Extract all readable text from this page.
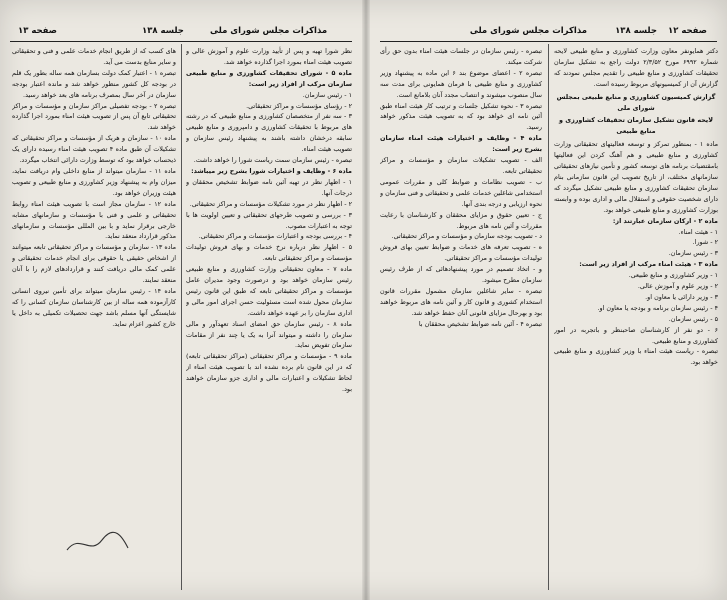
صفحه ۱۳	جلسه ۱۳۸	مذاکرات مجلس شورای ملی

نظر شورا تهیه و پس از تأیید وزارت علوم و آموزش عالی و تصویب هیئت امناء بمورد اجرا گذارده خواهد شد.

ماده ۵ - شورای تحقیقات کشاورزی و منابع طبیعی سازمان مرکب از افراد زیر است:

۱ - رئیس سازمان.

۲ - رؤسای مؤسسات و مراکز تحقیقاتی.

۳ - سه نفر از متخصصان کشاورزی و منابع طبیعی که در رشته های مربوط با تحقیقات کشاورزی و دامپروری و منابع طبیعی سابقه درخشان داشته باشند به پیشنهاد رئیس سازمان و تصویب هیئت امناء.

تبصره - رئیس سازمان سمت ریاست شورا را خواهد داشت.

ماده ۶ - وظایف و اختیارات شورا بشرح زیر میباشد:

۱ - اظهار نظر در تهیه آئین نامه ضوابط تشخیص محققان و درجات آنها.

۲ - اظهار نظر در مورد تشکیلات مؤسسات و مراکز تحقیقاتی.

۳ - بررسی و تصویب طرحهای تحقیقاتی و تعیین اولویت ها با توجه به اعتبارات مصوب.

۴ - بررسی بودجه و اعتبارات مؤسسات و مراکز تحقیقاتی.

۵ - اظهار نظر درباره نرخ خدمات و بهای فروش تولیدات مؤسسات و مراکز تحقیقاتی تابعه.

ماده ۷ - معاون تحقیقاتی وزارت کشاورزی و منابع طبیعی رئیس سازمان خواهد بود و درصورت وجود مدیران عامل مؤسسات و مراکز تحقیقاتی تابعه که طبق این قانون رئیس سازمان محول شده است مسئولیت حسن اجرای امور مالی و اداری سازمان را بر عهده خواهد داشت.

ماده ۸ - رئیس سازمان حق امضای اسناد تعهدآور و مالی سازمان را داشته و میتواند آنرا به یک یا چند نفر از مقامات سازمان تفویض نماید.

ماده ۹ - مؤسسات و مراکز تحقیقاتی (مراکز تحقیقاتی تابعه) که در این قانون نام برده نشده اند با تصویب هیئت امناء از لحاظ تشکیلات و اعتبارات مالی و اداری جزو سازمان خواهند بود.

های کسب که از طریق انجام خدمات علمی و فنی و تحقیقاتی و سایر منابع بدست می آید.

تبصره ۱ - اعتبار کمک دولت بسازمان همه ساله بطور یک قلم در بودجه کل کشور منظور خواهد شد و مانده اعتبار بودجه سازمان در آخر سال بمصرف برنامه های بعد خواهد رسید.

تبصره ۲ - بودجه تفصیلی مراکز سازمان و مؤسسات و مراکز تحقیقاتی تابع آن پس از تصویب هیئت امناء بمورد اجرا گذارده خواهد شد.

ماده ۱۰ - سازمان و هریک از مؤسسات و مراکز تحقیقاتی که تشکیلات آن طبق ماده ۴ تصویب هیئت امناء رسیده دارای یک ذیحساب خواهد بود که توسط وزارت دارائی انتخاب میگردد.

ماده ۱۱ - سازمان میتواند از منابع داخلی وام دریافت نماید، میزان وام به پیشنهاد وزیر کشاورزی و منابع طبیعی و تصویب هیئت وزیران خواهد بود.

ماده ۱۲ - سازمان مجاز است با تصویب هیئت امناء روابط تحقیقاتی و علمی و فنی با مؤسسات و سازمانهای مشابه خارجی برقرار نماید و با بین المللی مؤسسات و سازمانهای مذکور قرارداد منعقد نماید.

ماده ۱۳ - سازمان و مؤسسات و مراکز تحقیقاتی تابعه میتوانند از اشخاص حقیقی یا حقوقی برای انجام خدمات تحقیقاتی و علمی کمک مالی دریافت کنند و قراردادهای لازم را با آنان منعقد نمایند.

ماده ۱۴ - رئیس سازمان میتواند برای تأمین نیروی انسانی کارآزموده همه ساله از بین کارشناسان سازمان کسانی را که شایستگی آنها مسلم باشد جهت تحصیلات تکمیلی به داخل یا خارج کشور اعزام نماید.

صفحه ۱۲
مذاکرات مجلس شورای ملی	جلسه ۱۳۸

دکتر همایونفر معاون وزارت کشاورزی و منابع طبیعی لایحه شماره ۶۹۹۲ مورخ ۲/۳/۵۲ دولت راجع به تشکیل سازمان تحقیقات کشاورزی و منابع طبیعی را تقدیم مجلس نمودند که گزارش آن از کمیسیونهای مربوط رسیده است.

گزارش کمیسیون کشاورزی و منابع طبیعی بمجلس شورای ملی

لایحه قانون تشکیل سازمان تحقیقات کشاورزی و منابع طبیعی

ماده ۱ - بمنظور تمرکز و توسعه فعالیتهای تحقیقاتی وزارت کشاورزی و منابع طبیعی و هم آهنگ کردن این فعالیتها بامقتضیات برنامه های توسعه کشور و تأمین نیازهای تحقیقاتی سازمانهای مختلف، از تاریخ تصویب این قانون سازمانی بنام سازمان تحقیقات کشاورزی و منابع طبیعی تشکیل میگردد که دارای شخصیت حقوقی و استقلال مالی و اداری بوده و وابسته بوزارت کشاورزی و منابع طبیعی خواهد بود.

ماده ۲ - ارکان سازمان عبارتند از:

۱ - هیئت امناء.

۲ - شورا.

۳ - رئیس سازمان.

ماده ۳ - هیئت امناء مرکب از افراد زیر است:

۱ - وزیر کشاورزی و منابع طبیعی.

۲ - وزیر علوم و آموزش عالی.

۳ - وزیر دارائی یا معاون او.

۴ - رئیس سازمان برنامه و بودجه یا معاون او.

۵ - رئیس سازمان.

۶ - دو نفر از کارشناسان صاحبنظر و باتجربه در امور کشاورزی و منابع طبیعی.

تبصره - ریاست هیئت امناء با وزیر کشاورزی و منابع طبیعی خواهد بود.

تبصره - رئیس سازمان در جلسات هیئت امناء بدون حق رأی شرکت میکند.

تبصره ۲ - اعضای موضوع بند ۶ این ماده به پیشنهاد وزیر کشاورزی و منابع طبیعی با فرمان همایونی برای مدت سه سال منصوب میشوند و انتصاب مجدد آنان بلامانع است.

تبصره ۳ - نحوه تشکیل جلسات و ترتیب کار هیئت امناء طبق آئین نامه ای خواهد بود که به تصویب هیئت مذکور خواهد رسید.

ماده ۴ - وظایف و اختیارات هیئت امناء سازمان بشرح زیر است:

الف - تصویب تشکیلات سازمان و مؤسسات و مراکز تحقیقاتی تابعه.

ب - تصویب نظامات و ضوابط کلی و مقررات عمومی استخدامی شاغلین خدمات علمی و تحقیقاتی و فنی سازمان و نحوه ارزیابی و درجه بندی آنها.

ج - تعیین حقوق و مزایای محققان و کارشناسان با رعایت مقررات و آئین نامه های مربوط.

د - تصویب بودجه سازمان و مؤسسات و مراکز تحقیقاتی.

ه - تصویب تعرفه های خدمات و ضوابط تعیین بهای فروش تولیدات مؤسسات و مراکز تحقیقاتی.

و - اتخاذ تصمیم در مورد پیشنهادهائی که از طرف رئیس سازمان مطرح میشود.

تبصره - سایر شاغلین سازمان مشمول مقررات قانون استخدام کشوری و قانون کار و آئین نامه های مربوط خواهند بود و بهرحال مزایای قانونی آنان حفظ خواهد شد.

تبصره ۴ - آئین نامه ضوابط تشخیص محققان با
